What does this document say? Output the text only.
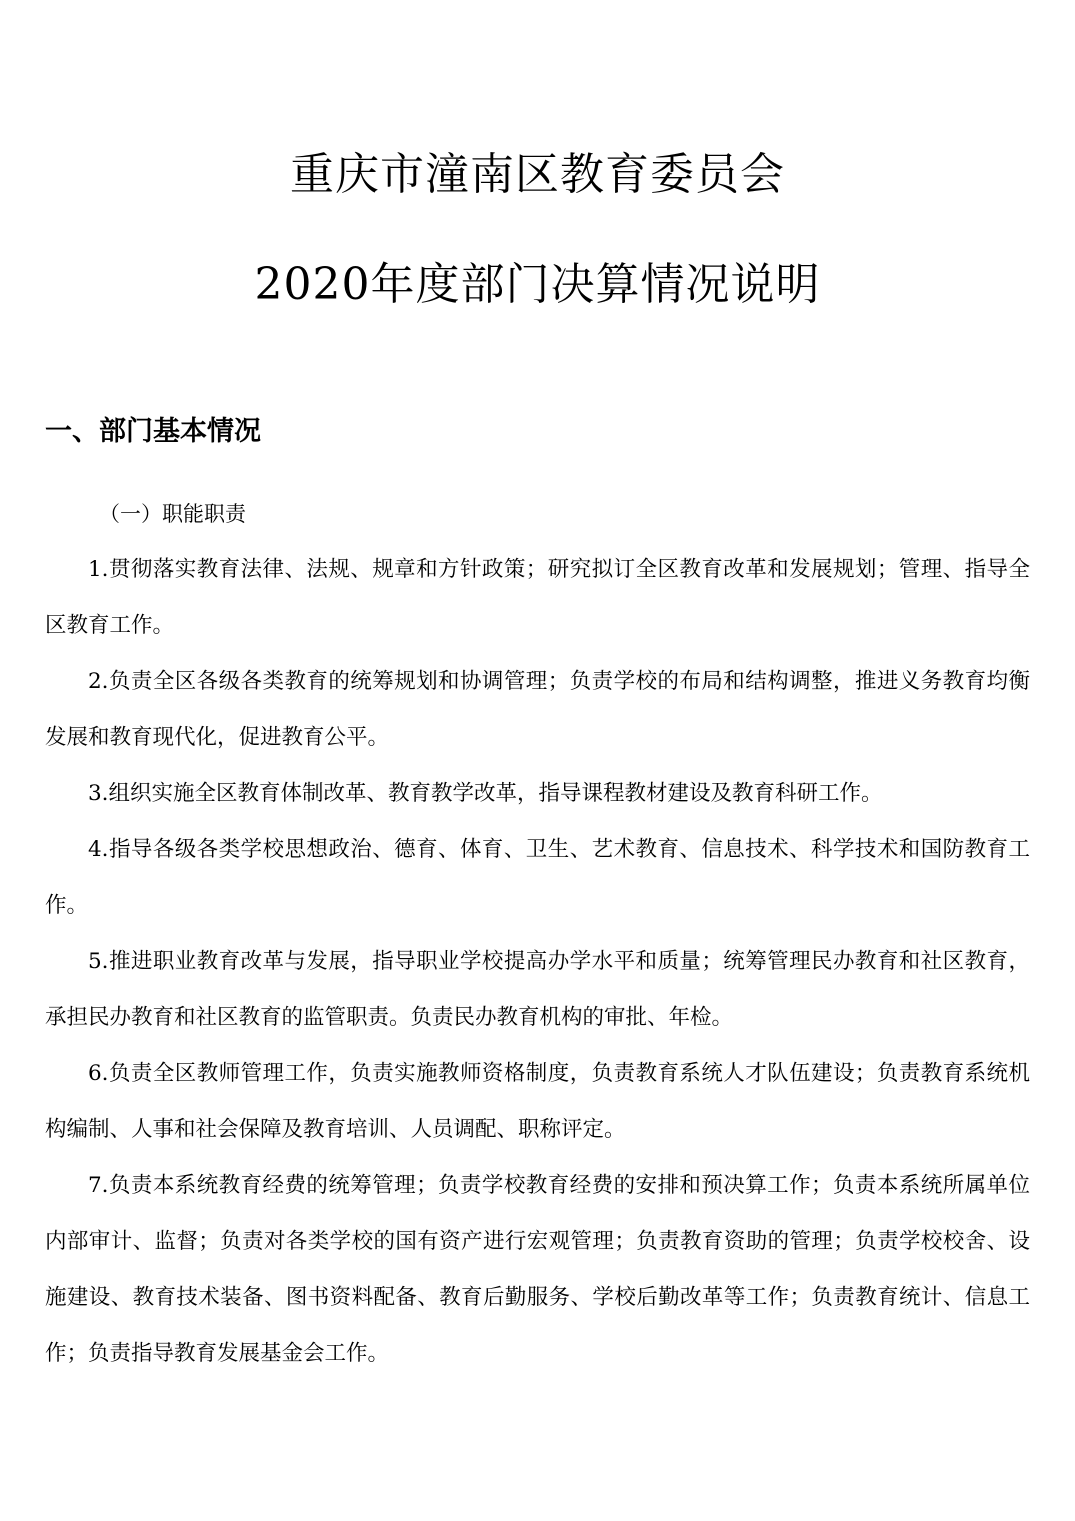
重庆市潼南区教育委员会
2020年度部门决算情况说明
一、部门基本情况
（一）职能职责

1.贯彻落实教育法律、法规、规章和方针政策；研究拟订全区教育改革和发展规划；管理、指导全区教育工作。

2.负责全区各级各类教育的统筹规划和协调管理；负责学校的布局和结构调整，推进义务教育均衡发展和教育现代化，促进教育公平。

3.组织实施全区教育体制改革、教育教学改革，指导课程教材建设及教育科研工作。

4.指导各级各类学校思想政治、德育、体育、卫生、艺术教育、信息技术、科学技术和国防教育工作。

5.推进职业教育改革与发展，指导职业学校提高办学水平和质量；统筹管理民办教育和社区教育，承担民办教育和社区教育的监管职责。负责民办教育机构的审批、年检。

6.负责全区教师管理工作，负责实施教师资格制度，负责教育系统人才队伍建设；负责教育系统机构编制、人事和社会保障及教育培训、人员调配、职称评定。

7.负责本系统教育经费的统筹管理；负责学校教育经费的安排和预决算工作；负责本系统所属单位内部审计、监督；负责对各类学校的国有资产进行宏观管理；负责教育资助的管理；负责学校校舍、设施建设、教育技术装备、图书资料配备、教育后勤服务、学校后勤改革等工作；负责教育统计、信息工作；负责指导教育发展基金会工作。
